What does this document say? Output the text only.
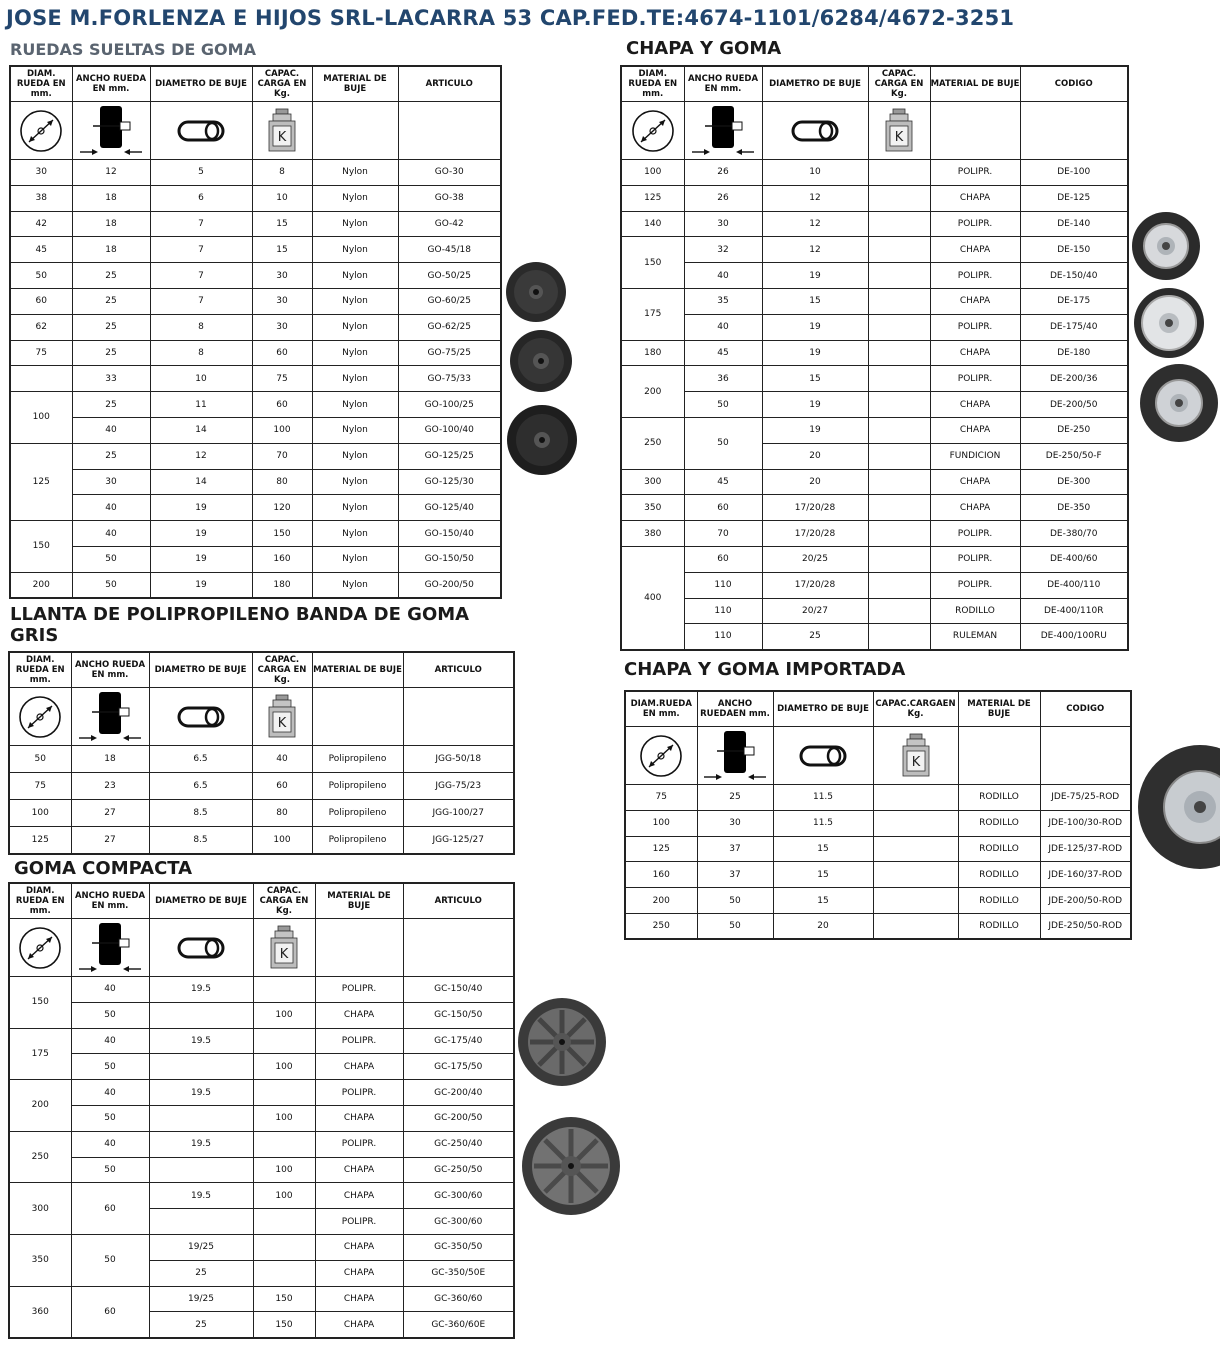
JOSE M.FORLENZA E HIJOS SRL-LACARRA 53 CAP.FED.TE:4674-1101/6284/4672-3251
RUEDAS SUELTAS DE GOMA
LLANTA DE POLIPROPILENO BANDA DE GOMA GRIS
GOMA COMPACTA
CHAPA Y GOMA
CHAPA Y GOMA IMPORTADA
DIAM. RUEDA EN mm.	ANCHO RUEDA EN mm.	DIAMETRO DE BUJE	CAPAC. CARGA EN Kg.	MATERIAL DE BUJE	ARTICULO

K		

30	12	5	8	Nylon	GO-30
38	18	6	10	Nylon	GO-38
42	18	7	15	Nylon	GO-42
45	18	7	15	Nylon	GO-45/18
50	25	7	30	Nylon	GO-50/25
60	25	7	30	Nylon	GO-60/25
62	25	8	30	Nylon	GO-62/25
75	25	8	60	Nylon	GO-75/25
	33	10	75	Nylon	GO-75/33
100	25	11	60	Nylon	GO-100/25
	40	14	100	Nylon	GO-100/40
125	25	12	70	Nylon	GO-125/25
	30	14	80	Nylon	GO-125/30
	40	19	120	Nylon	GO-125/40
150	40	19	150	Nylon	GO-150/40
	50	19	160	Nylon	GO-150/50
200	50	19	180	Nylon	GO-200/50
DIAM. RUEDA EN mm.	ANCHO RUEDA EN mm.	DIAMETRO DE BUJE	CAPAC. CARGA EN Kg.	MATERIAL DE BUJE	ARTICULO

K		

50	18	6.5	40	Polipropileno	JGG-50/18
75	23	6.5	60	Polipropileno	JGG-75/23
100	27	8.5	80	Polipropileno	JGG-100/27
125	27	8.5	100	Polipropileno	JGG-125/27
DIAM. RUEDA EN mm.	ANCHO RUEDA EN mm.	DIAMETRO DE BUJE	CAPAC. CARGA EN Kg.	MATERIAL DE BUJE	ARTICULO

K		

150	40	19.5		POLIPR.	GC-150/40
	50		100	CHAPA	GC-150/50
175	40	19.5		POLIPR.	GC-175/40
	50		100	CHAPA	GC-175/50
200	40	19.5		POLIPR.	GC-200/40
	50		100	CHAPA	GC-200/50
250	40	19.5		POLIPR.	GC-250/40
	50		100	CHAPA	GC-250/50
300	60	19.5	100	CHAPA	GC-300/60
				POLIPR.	GC-300/60
350	50	19/25		CHAPA	GC-350/50
		25		CHAPA	GC-350/50E
360	60	19/25	150	CHAPA	GC-360/60
		25	150	CHAPA	GC-360/60E
DIAM. RUEDA EN mm.	ANCHO RUEDA EN mm.	DIAMETRO DE BUJE	CAPAC. CARGA EN Kg.	MATERIAL DE BUJE	CODIGO

K		

100	26	10		POLIPR.	DE-100
125	26	12		CHAPA	DE-125
140	30	12		POLIPR.	DE-140
150	32	12		CHAPA	DE-150
	40	19		POLIPR.	DE-150/40
175	35	15		CHAPA	DE-175
	40	19		POLIPR.	DE-175/40
180	45	19		CHAPA	DE-180
200	36	15		POLIPR.	DE-200/36
	50	19		CHAPA	DE-200/50
250	50	19		CHAPA	DE-250
		20		FUNDICION	DE-250/50-F
300	45	20		CHAPA	DE-300
350	60	17/20/28		CHAPA	DE-350
380	70	17/20/28		POLIPR.	DE-380/70
400	60	20/25		POLIPR.	DE-400/60
	110	17/20/28		POLIPR.	DE-400/110
	110	20/27		RODILLO	DE-400/110R
	110	25		RULEMAN	DE-400/100RU
DIAM.RUEDA EN mm.	ANCHO RUEDAEN mm.	DIAMETRO DE BUJE	CAPAC.CARGAEN Kg.	MATERIAL DE BUJE	CODIGO

K		

75	25	11.5		RODILLO	JDE-75/25-ROD
100	30	11.5		RODILLO	JDE-100/30-ROD
125	37	15		RODILLO	JDE-125/37-ROD
160	37	15		RODILLO	JDE-160/37-ROD
200	50	15		RODILLO	JDE-200/50-ROD
250	50	20		RODILLO	JDE-250/50-ROD
